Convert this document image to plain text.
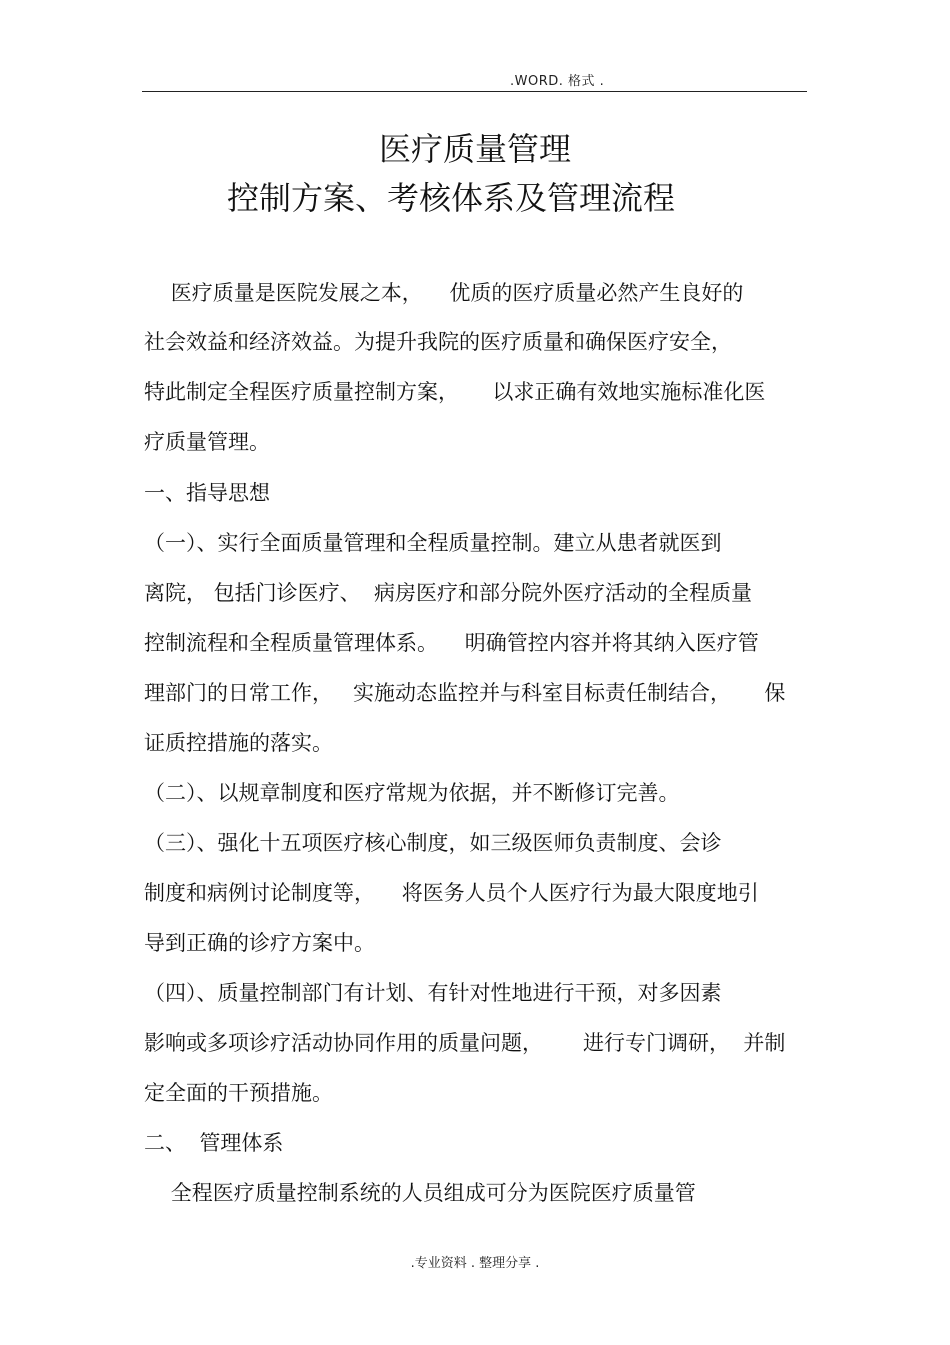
.WORD. 格式 .
医疗质量管理
控制方案、考核体系及管理流程
医疗质量是医院发展之本，    优质的医疗质量必然产生良好的
社会效益和经济效益。为提升我院的医疗质量和确保医疗安全，
特此制定全程医疗质量控制方案，     以求正确有效地实施标准化医
疗质量管理。
一、指导思想
（一）、实行全面质量管理和全程质量控制。建立从患者就医到
离院， 包括门诊医疗、  病房医疗和部分院外医疗活动的全程质量
控制流程和全程质量管理体系。    明确管控内容并将其纳入医疗管
理部门的日常工作，   实施动态监控并与科室目标责任制结合，     保
证质控措施的落实。
（二）、以规章制度和医疗常规为依据，并不断修订完善。
（三）、强化十五项医疗核心制度，如三级医师负责制度、会诊
制度和病例讨论制度等，    将医务人员个人医疗行为最大限度地引
导到正确的诊疗方案中。
（四）、质量控制部门有计划、有针对性地进行干预，对多因素
影响或多项诊疗活动协同作用的质量问题，      进行专门调研，  并制
定全面的干预措施。
二、  管理体系
全程医疗质量控制系统的人员组成可分为医院医疗质量管
.专业资料 . 整理分享 .
